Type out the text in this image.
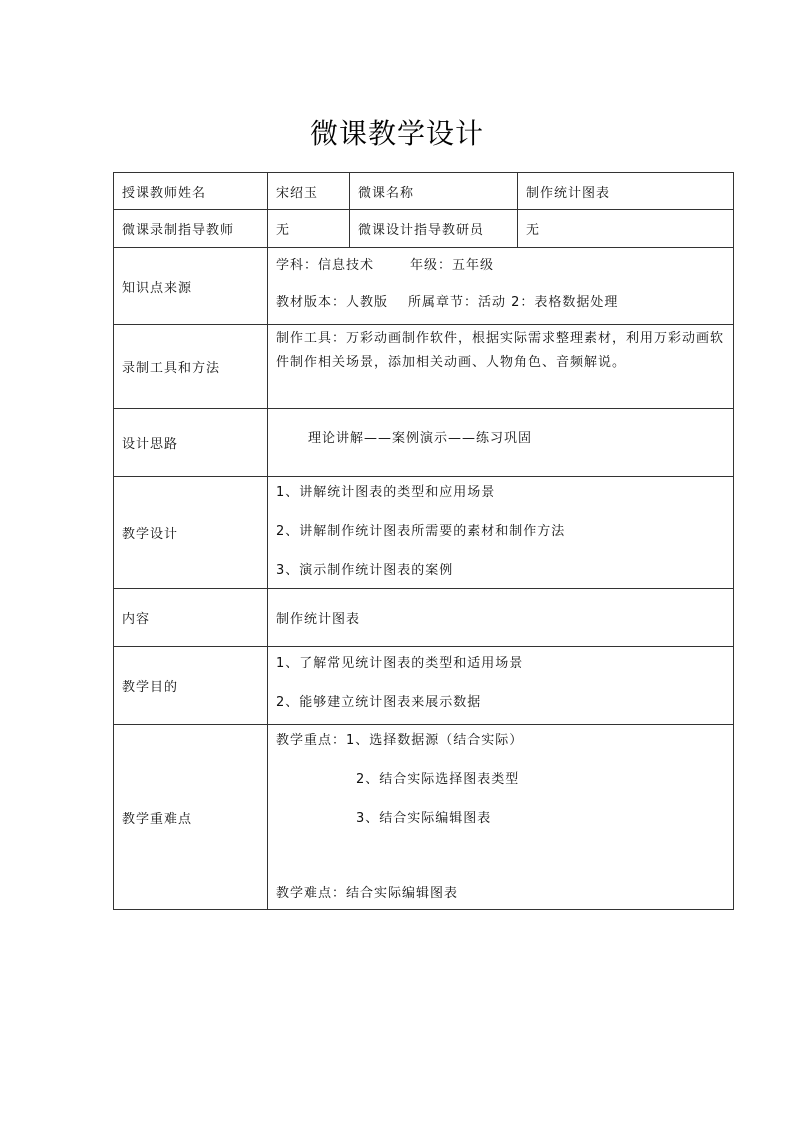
微课教学设计
授课教师姓名	宋绍玉	微课名称	制作统计图表
微课录制指导教师	无	微课设计指导教研员	无
知识点来源	学科：信息技术 年级：五年级
教材版本：人教版 所属章节：活动 2：表格数据处理		

录制工具和方法	制作工具：万彩动画制作软件，根据实际需求整理素材，利用万彩动画软件制作相关场景，添加相关动画、人物角色、音频解说。		

设计思路	理论讲解——案例演示——练习巩固		

教学设计	1、讲解统计图表的类型和应用场景
2、讲解制作统计图表所需要的素材和制作方法
3、演示制作统计图表的案例		

内容	制作统计图表		
教学目的	1、了解常见统计图表的类型和适用场景
2、能够建立统计图表来展示数据		

教学重难点	教学重点：1、选择数据源（结合实际）
2、结合实际选择图表类型
3、结合实际编辑图表
教学难点：结合实际编辑图表		
